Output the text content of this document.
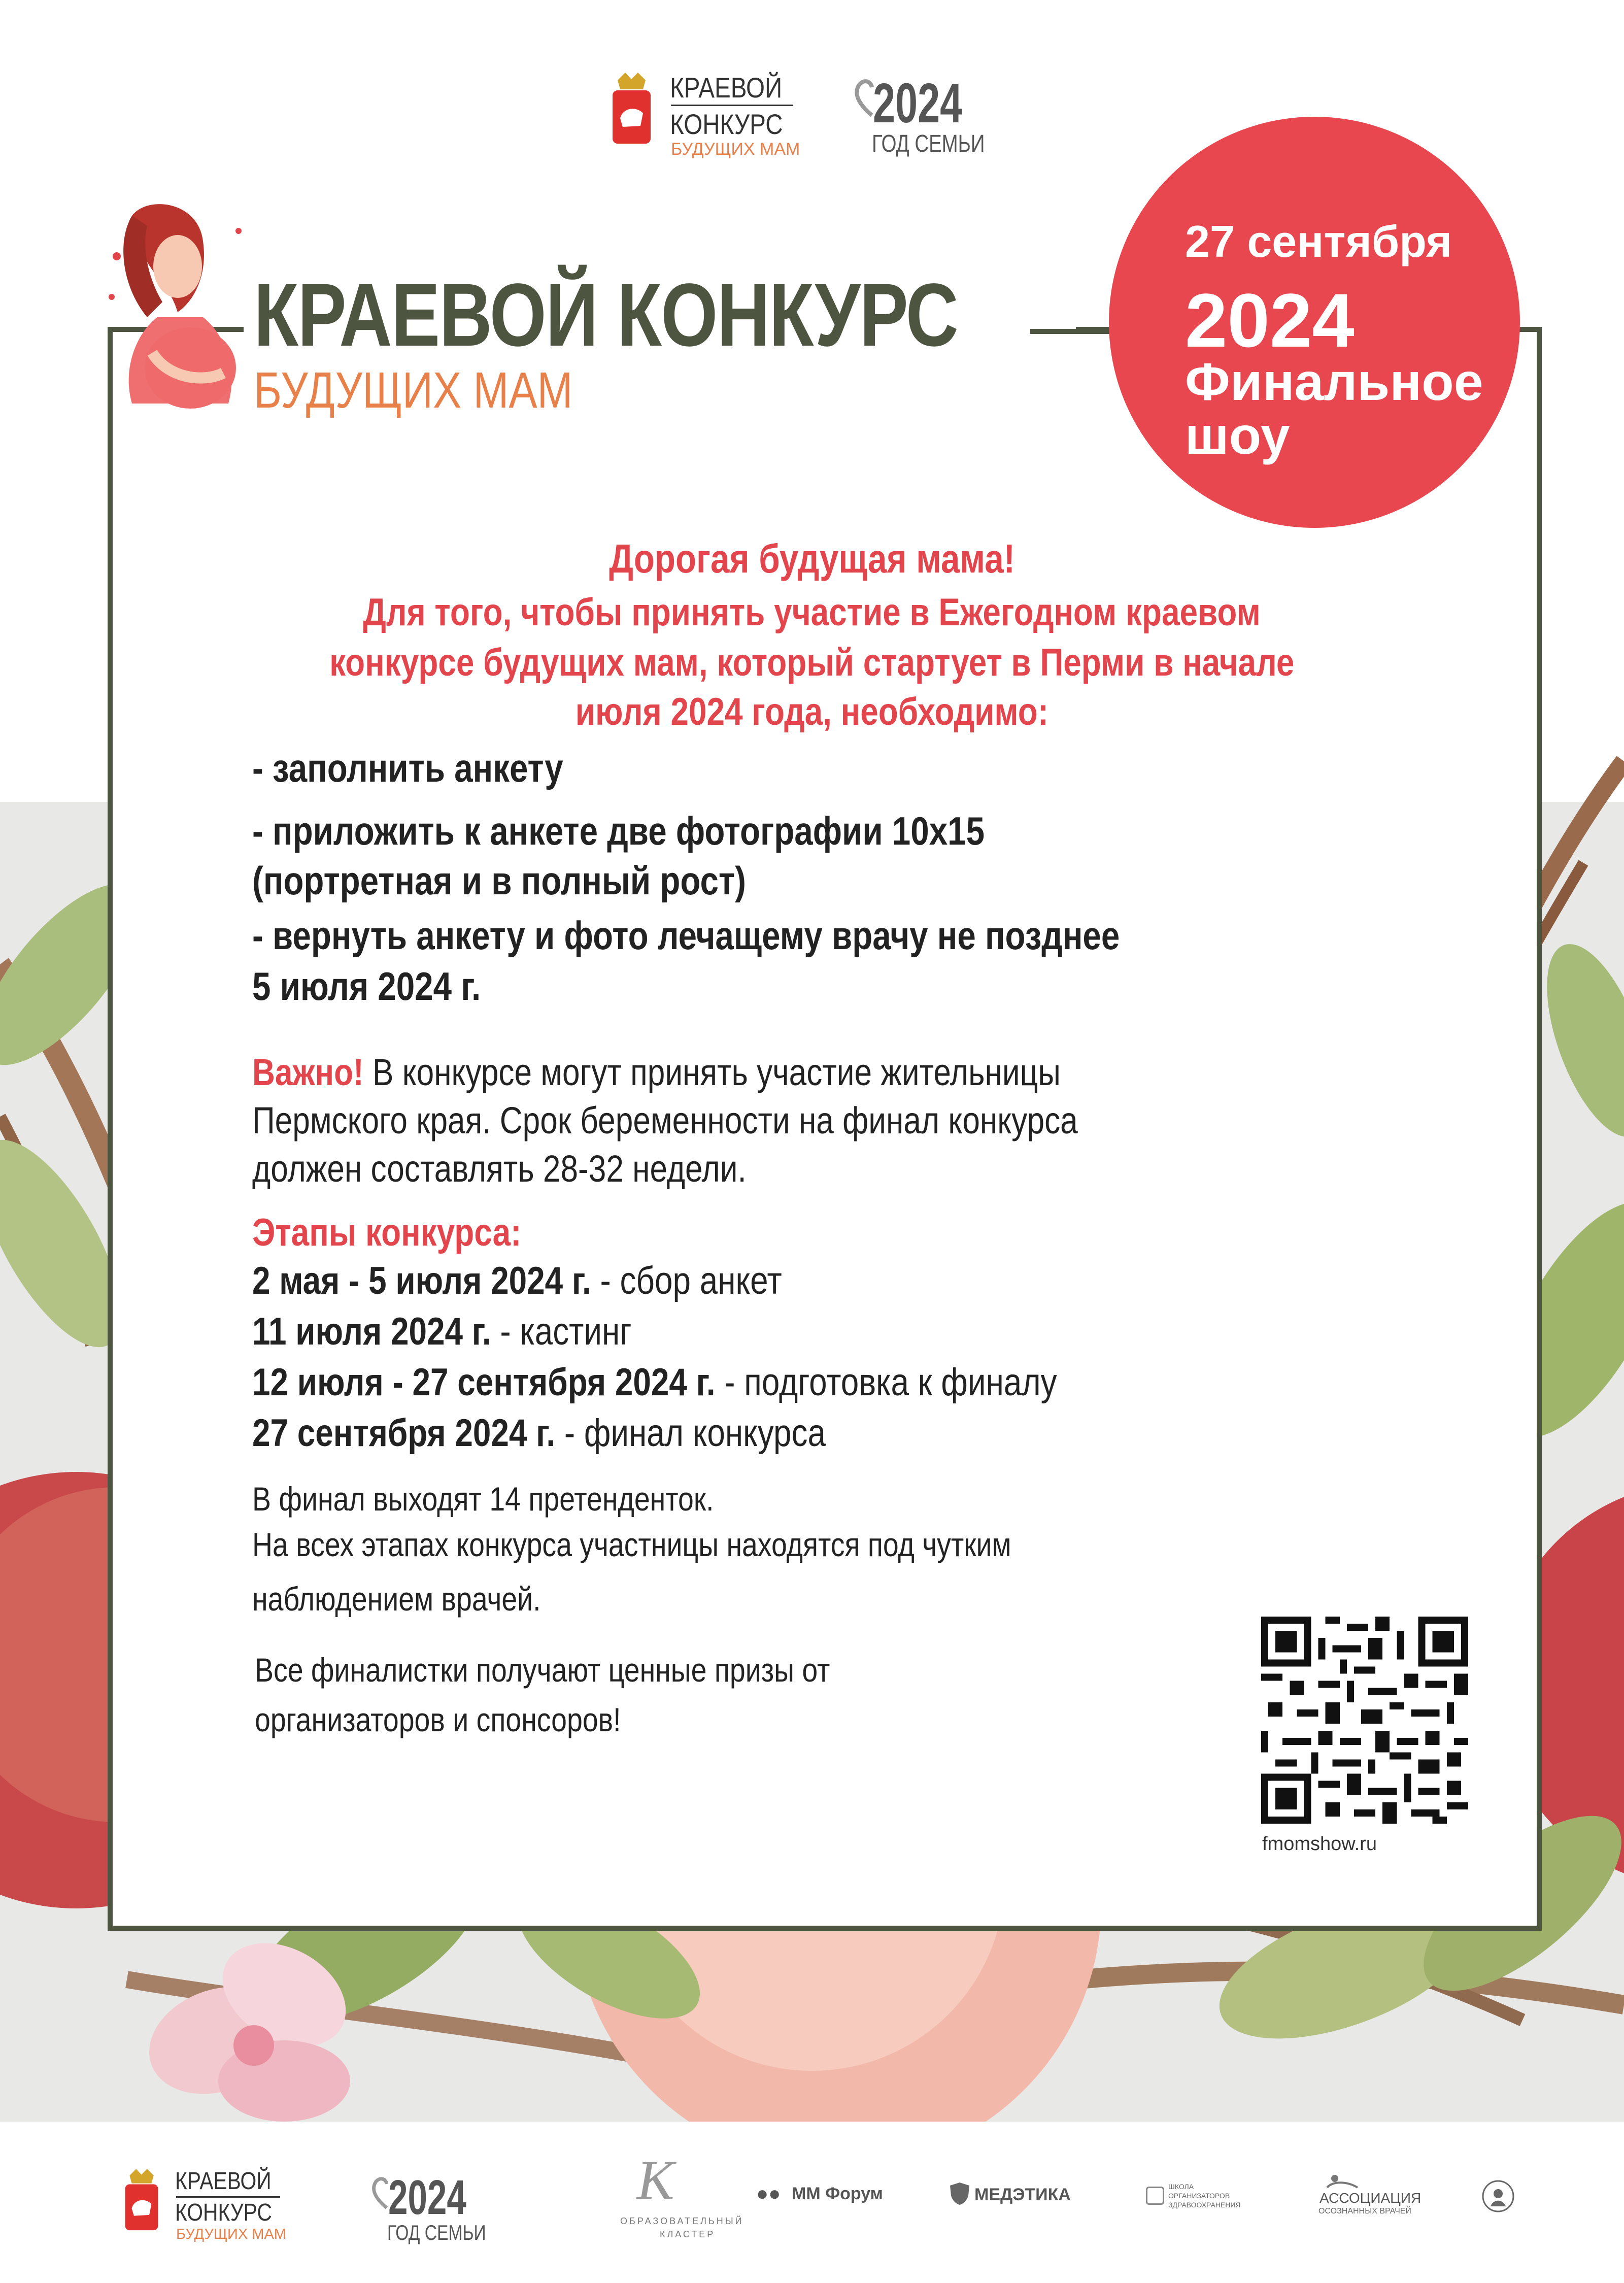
КРАЕВОЙ
КОНКУРС
БУДУЩИХ МАМ
2024
ГОД СЕМЬИ
КРАЕВОЙ КОНКУРС
БУДУЩИХ МАМ
27 сентября
2024
Финальное шоу
Дорогая будущая мама!
Для того, чтобы принять участие в Ежегодном краевом
конкурсе будущих мам, который стартует в Перми в начале
июля 2024 года, необходимо:
- заполнить анкету
- приложить к анкете две фотографии 10х15
(портретная и в полный рост)
- вернуть анкету и фото лечащему врачу не позднее
5 июля 2024 г.
Важно! В конкурсе могут принять участие жительницы
Пермского края. Срок беременности на финал конкурса
должен составлять 28-32 недели.
Этапы конкурса:
2 мая - 5 июля 2024 г. - сбор анкет
11 июля 2024 г. - кастинг
12 июля - 27 сентября 2024 г. - подготовка к финалу
27 сентября 2024 г. - финал конкурса
В финал выходят 14 претенденток.
На всех этапах конкурса участницы находятся под чутким
наблюдением врачей.
Все финалистки получают ценные призы от
организаторов и спонсоров!
fmomshow.ru
КРАЕВОЙ
КОНКУРС
БУДУЩИХ МАМ
2024
ГОД СЕМЬИ
К
ОБРАЗОВАТЕЛЬНЫЙ
КЛАСТЕР
●● ММ Форум	МЕДЭТИКА	ШКОЛА
ОРГАНИЗАТОРОВ
ЗДРАВООХРАНЕНИЯ	АССОЦИАЦИЯ
ОСОЗНАННЫХ ВРАЧЕЙ
